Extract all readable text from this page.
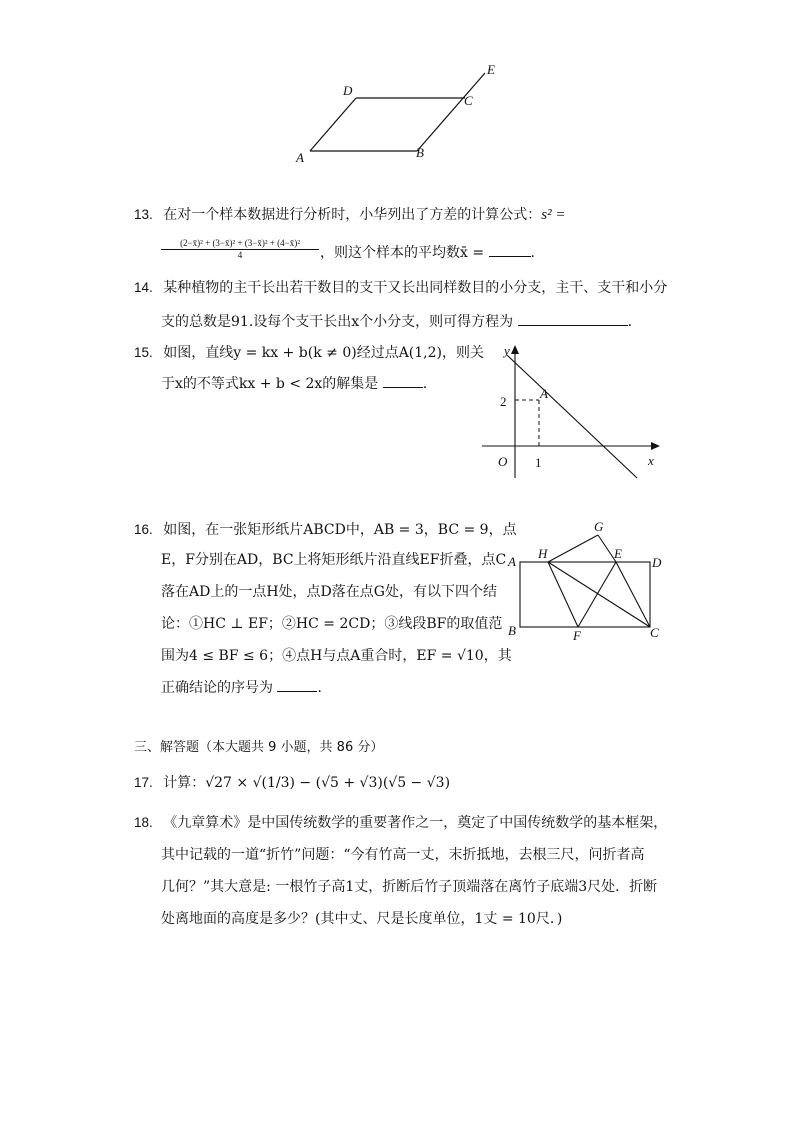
D
C
E
A	B
13. 在对一个样本数据进行分析时，小华列出了方差的计算公式：s² =
$\frac{\text{(2−x̄)² + (3−x̄)² + (3−x̄)² + (4−x̄)²}}{4}$ ，则这个样本的平均数x̄ =	.
14. 某种植物的主干长出若干数目的支干又长出同样数目的小分支，主干、支干和小分
支的总数是91.设每个支干长出x个小分支，则可得方程为	.
15. 如图，直线y = kx + b(k ≠ 0)经过点A(1,2)，则关
于x的不等式kx + b < 2x的解集是	.
y
x
O
A
2
1
16. 如图，在一张矩形纸片ABCD中，AB = 3，BC = 9，点
E，F分别在AD，BC上将矩形纸片沿直线EF折叠，点C
落在AD上的一点H处，点D落在点G处，有以下四个结
论：①HC ⊥ EF；②HC = 2CD；③线段BF的取值范
围为4 ≤ BF ≤ 6；④点H与点A重合时，EF = √10，其
正确结论的序号为	.
G
A
H	E
D
B	F	C
三、解答题（本大题共 9 小题，共 86 分）
17. 计算：√27 × √(1/3) − (√5 + √3)(√5 − √3)
18. 《九章算术》是中国传统数学的重要著作之一，奠定了中国传统数学的基本框架，
其中记载的一道“折竹”问题：“今有竹高一丈，末折抵地，去根三尺，问折者高
几何？”其大意是: 一根竹子高1丈，折断后竹子顶端落在离竹子底端3尺处．折断
处离地面的高度是多少？(其中丈、尺是长度单位，1丈 = 10尺．)
